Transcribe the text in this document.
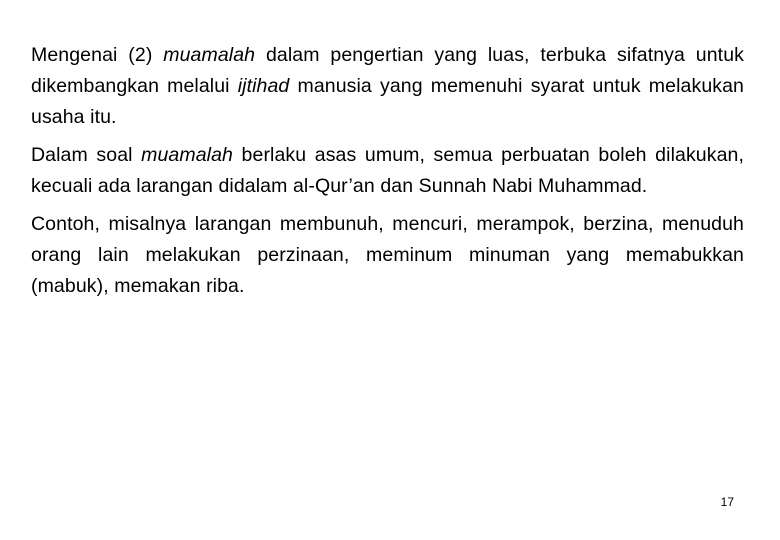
Mengenai (2) muamalah dalam pengertian yang luas, terbuka sifatnya untuk dikembangkan melalui ijtihad manusia yang memenuhi syarat untuk melakukan usaha itu.

Dalam soal muamalah berlaku asas umum, semua perbuatan boleh dilakukan, kecuali ada larangan didalam al-Qur’an dan Sunnah Nabi Muhammad.

Contoh, misalnya larangan membunuh, mencuri, merampok, berzina, menuduh orang lain melakukan perzinaan, meminum minuman yang memabukkan (mabuk), memakan riba.

17
